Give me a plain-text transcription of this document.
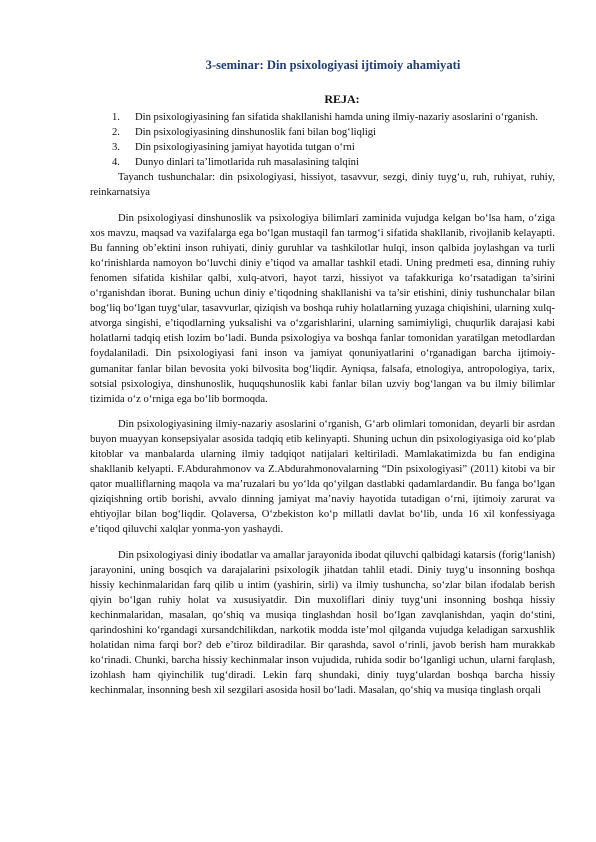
3-seminar: Din psixologiyasi ijtimoiy ahamiyati
REJA:
1. Din psixologiyasining fan sifatida shakllanishi hamda uning ilmiy-nazariy asoslarini o‘rganish.
2. Din psixologiyasining dinshunoslik fani bilan bog‘liqligi
3. Din psixologiyasining jamiyat hayotida tutgan o‘rni
4. Dunyo dinlari ta’limotlarida ruh masalasining talqini

Tayanch tushunchalar: din psixologiyasi, hissiyot, tasavvur, sezgi, diniy tuyg‘u, ruh, ruhiyat, ruhiy, reinkarnatsiya

Din psixologiyasi dinshunoslik va psixologiya bilimlari zaminida vujudga kelgan bo‘lsa ham, o‘ziga xos mavzu, maqsad va vazifalarga ega bo‘lgan mustaqil fan tarmog‘i sifatida shakllanib, rivojlanib kelayapti. Bu fanning ob’ektini inson ruhiyati, diniy guruhlar va tashkilotlar hulqi, inson qalbida joylashgan va turli ko‘rinishlarda namoyon bo‘luvchi diniy e’tiqod va amallar tashkil etadi. Uning predmeti esa, dinning ruhiy fenomen sifatida kishilar qalbi, xulq-atvori, hayot tarzi, hissiyot va tafakkuriga ko‘rsatadigan ta’sirini o‘rganishdan iborat. Buning uchun diniy e’tiqodning shakllanishi va ta’sir etishini, diniy tushunchalar bilan bog‘liq bo‘lgan tuyg‘ular, tasavvurlar, qiziqish va boshqa ruhiy holatlarning yuzaga chiqishini, ularning xulq-atvorga singishi, e’tiqodlarning yuksalishi va o‘zgarishlarini, ularning samimiyligi, chuqurlik darajasi kabi holatlarni tadqiq etish lozim bo‘ladi. Bunda psixologiya va boshqa fanlar tomonidan yaratilgan metodlardan foydalaniladi. Din psixologiyasi fani inson va jamiyat qonuniyatlarini o‘rganadigan barcha ijtimoiy-gumanitar fanlar bilan bevosita yoki bilvosita bog‘liqdir. Ayniqsa, falsafa, etnologiya, antropologiya, tarix, sotsial psixologiya, dinshunoslik, huquqshunoslik kabi fanlar bilan uzviy bog‘langan va bu ilmiy bilimlar tizimida o‘z o‘rniga ega bo‘lib bormoqda.

Din psixologiyasining ilmiy-nazariy asoslarini o‘rganish, G‘arb olimlari tomonidan, deyarli bir asrdan buyon muayyan konsepsiyalar asosida tadqiq etib kelinyapti. Shuning uchun din psixologiyasiga oid ko‘plab kitoblar va manbalarda ularning ilmiy tadqiqot natijalari keltiriladi. Mamlakatimizda bu fan endigina shakllanib kelyapti. F.Abdurahmonov va Z.Abdurahmonovalarning “Din psixologiyasi” (2011) kitobi va bir qator mualliflarning maqola va ma’ruzalari bu yo‘lda qo‘yilgan dastlabki qadamlardandir. Bu fanga bo‘lgan qiziqishning ortib borishi, avvalo dinning jamiyat ma’naviy hayotida tutadigan o‘rni, ijtimoiy zarurat va ehtiyojlar bilan bog‘liqdir. Qolaversa, O‘zbekiston ko‘p millatli davlat bo‘lib, unda 16 xil konfessiyaga e’tiqod qiluvchi xalqlar yonma-yon yashaydi.

Din psixologiyasi diniy ibodatlar va amallar jarayonida ibodat qiluvchi qalbidagi katarsis (forig‘lanish) jarayonini, uning bosqich va darajalarini psixologik jihatdan tahlil etadi. Diniy tuyg‘u insonning boshqa hissiy kechinmalaridan farq qilib u intim (yashirin, sirli) va ilmiy tushuncha, so‘zlar bilan ifodalab berish qiyin bo‘lgan ruhiy holat va xususiyatdir. Din muxoliflari diniy tuyg‘uni insonning boshqa hissiy kechinmalaridan, masalan, qo‘shiq va musiqa tinglashdan hosil bo‘lgan zavqlanishdan, yaqin do‘stini, qarindoshini ko‘rgandagi xursandchilikdan, narkotik modda iste’mol qilganda vujudga keladigan sarxushlik holatidan nima farqi bor? deb e’tiroz bildiradilar. Bir qarashda, savol o‘rinli, javob berish ham murakkab ko‘rinadi. Chunki, barcha hissiy kechinmalar inson vujudida, ruhida sodir bo‘lganligi uchun, ularni farqlash, izohlash ham qiyinchilik tug‘diradi. Lekin farq shundaki, diniy tuyg‘ulardan boshqa barcha hissiy kechinmalar, insonning besh xil sezgilari asosida hosil bo‘ladi. Masalan, qo‘shiq va musiqa tinglash orqali
